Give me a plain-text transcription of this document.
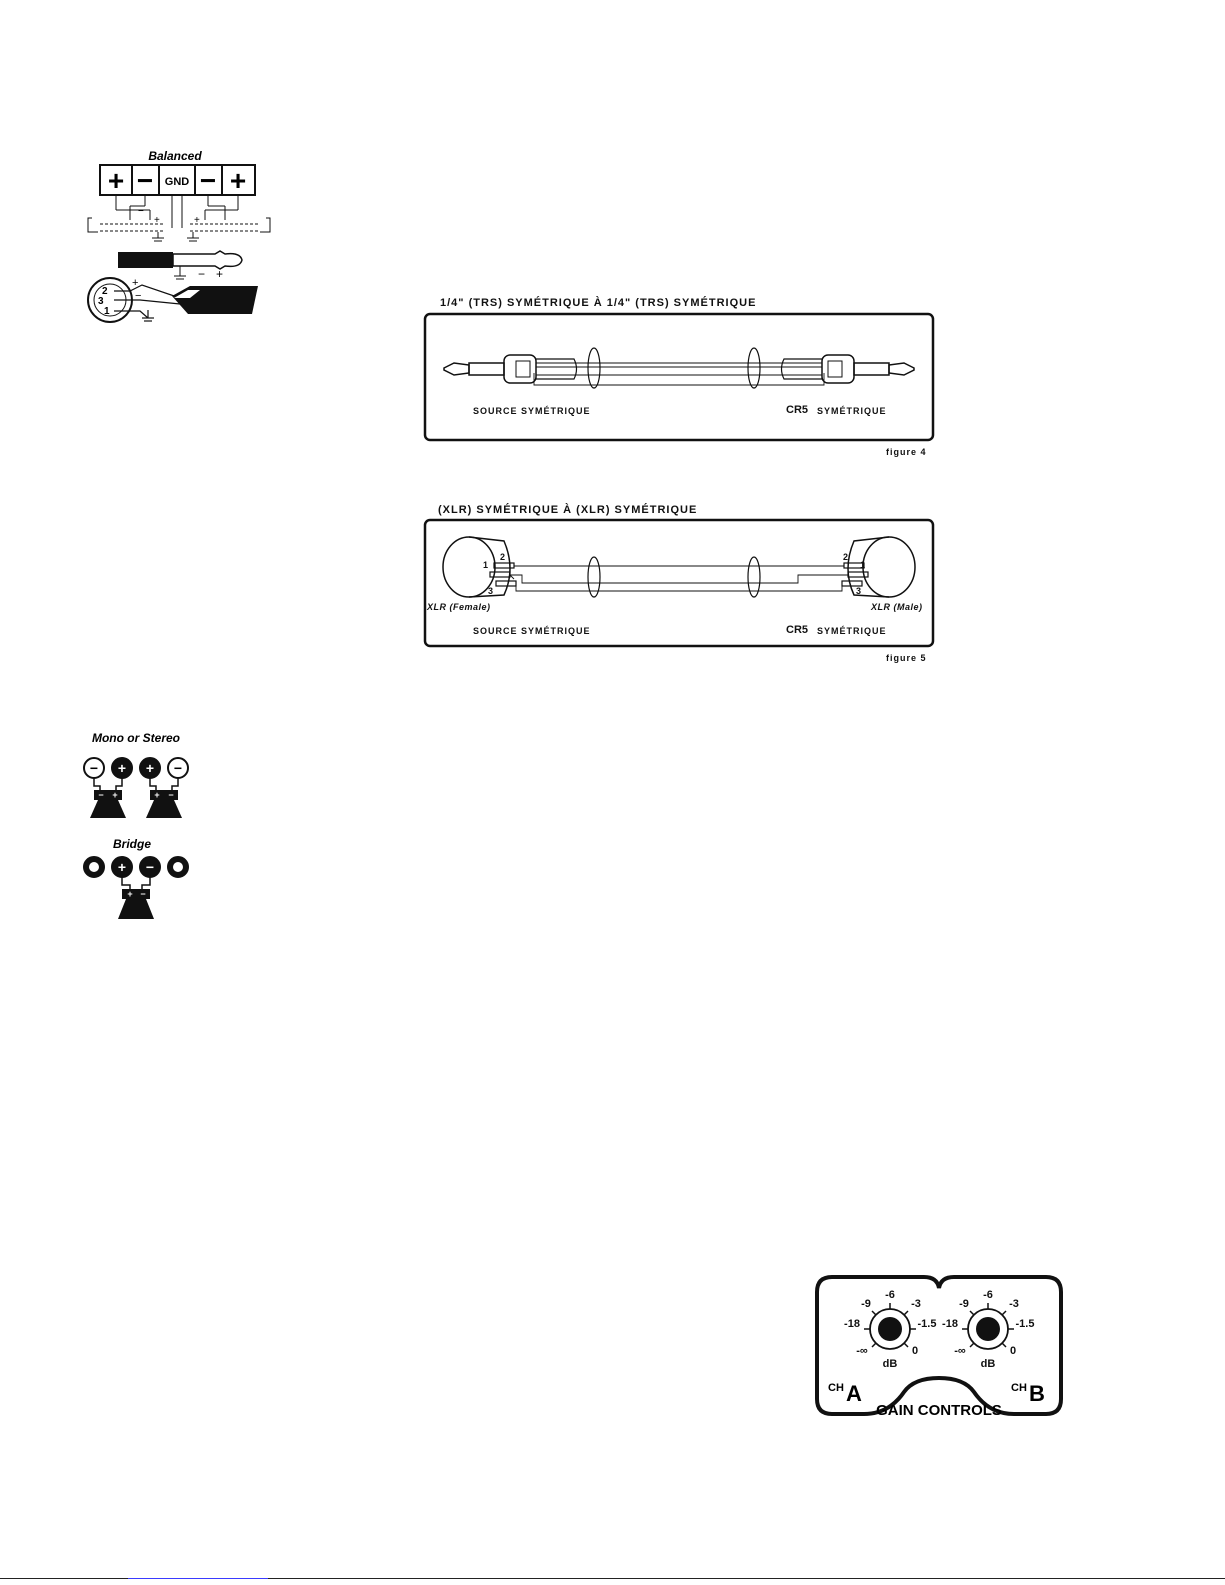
Balanced
+ − GND − +
+
−
+
− +
2
3
1
+
−
1/4" (TRS) SYMÉTRIQUE À 1/4" (TRS) SYMÉTRIQUE
SOURCE SYMÉTRIQUE	CR5 SYMÉTRIQUE
figure 4
(XLR) SYMÉTRIQUE À (XLR) SYMÉTRIQUE
1
2
3
2
1
3
XLR (Female)	XLR (Male)
SOURCE SYMÉTRIQUE	CR5 SYMÉTRIQUE
figure 5
Mono or Stereo
− + + −
− +	+ −
Bridge
+ −
+ −
-6
-9	-3
-18	-1.5
-∞	0
dB
-6
-9	-3
-18	-1.5
-∞	0
dB
CH A	CH B
GAIN CONTROLS
